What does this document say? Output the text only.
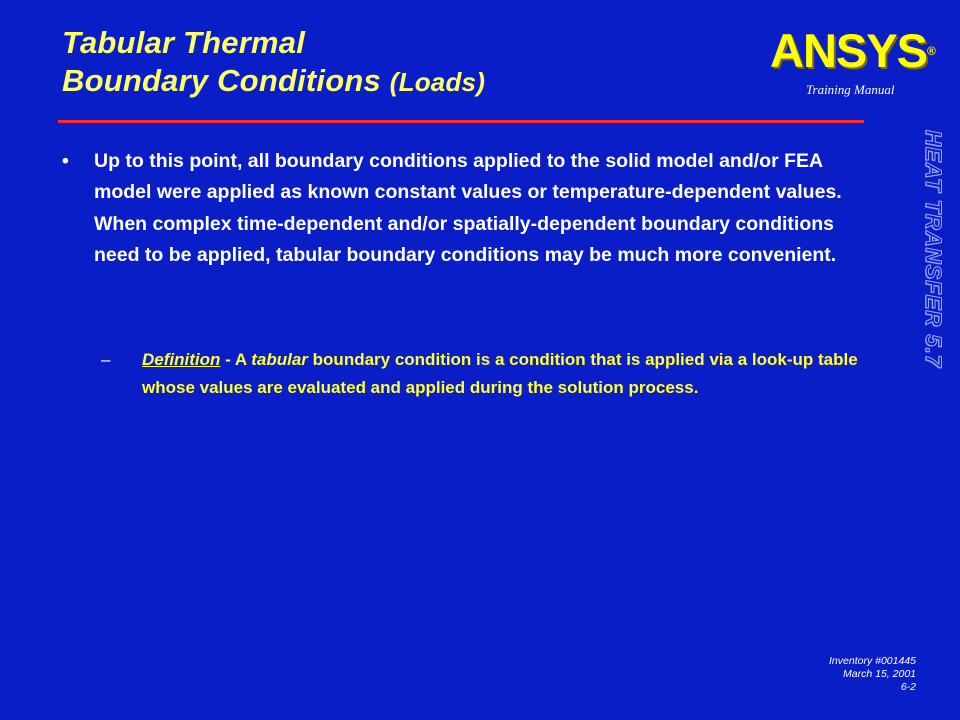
Tabular Thermal
Boundary Conditions (Loads)
ANSYS®
Training Manual
HEAT TRANSFER 5.7
• Up to this point, all boundary conditions applied to the solid model and/or FEA model were applied as known constant values or temperature-dependent values. When complex time-dependent and/or spatially-dependent boundary conditions need to be applied, tabular boundary conditions may be much more convenient.
– Definition - A tabular boundary condition is a condition that is applied via a look-up table whose values are evaluated and applied during the solution process.
Inventory #001445
March 15, 2001
6-2
